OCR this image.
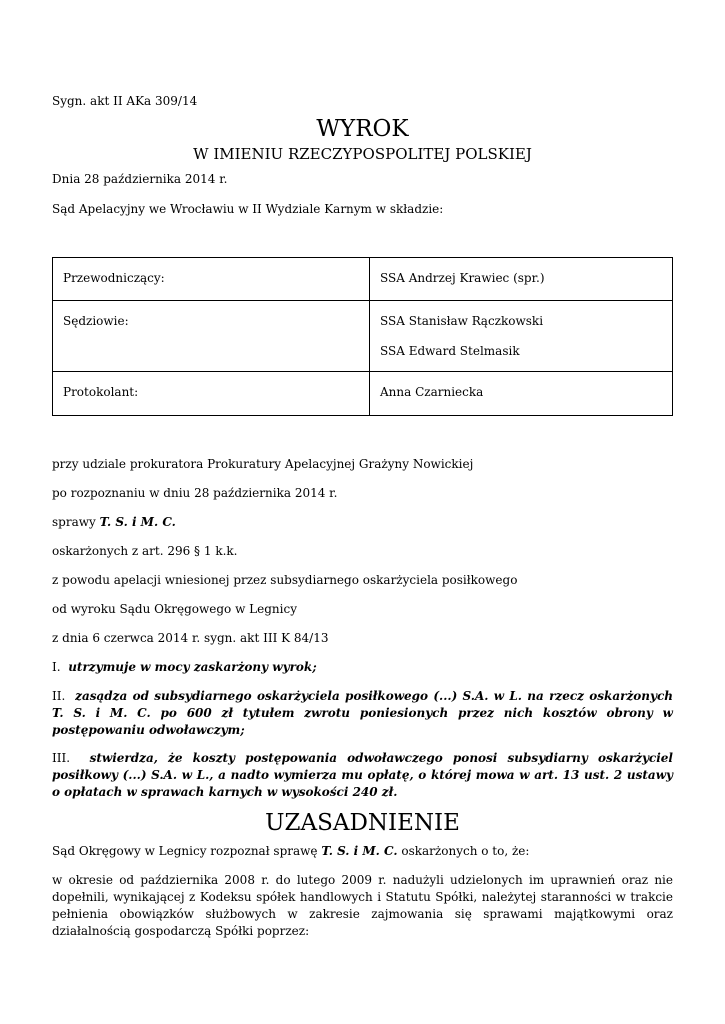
Sygn. akt II AKa 309/14
WYROK
W IMIENIU RZECZYPOSPOLITEJ POLSKIEJ
Dnia 28 października 2014 r.
Sąd Apelacyjny we Wrocławiu w II Wydziale Karnym w składzie:
Przewodniczący:	SSA Andrzej Krawiec (spr.)

Sędziowie:	SSA Stanisław Rączkowski
SSA Edward Stelmasik

Protokolant:	Anna Czarniecka
przy udziale prokuratora Prokuratury Apelacyjnej Grażyny Nowickiej
po rozpoznaniu w dniu 28 października 2014 r.
sprawy T. S. i M. C.
oskarżonych z art. 296 § 1 k.k.
z powodu apelacji wniesionej przez subsydiarnego oskarżyciela posiłkowego
od wyroku Sądu Okręgowego w Legnicy
z dnia 6 czerwca 2014 r. sygn. akt III K 84/13
I. utrzymuje w mocy zaskarżony wyrok;
II. zasądza od subsydiarnego oskarżyciela posiłkowego (...) S.A. w L. na rzecz oskarżonych T. S. i M. C. po 600 zł tytułem zwrotu poniesionych przez nich kosztów obrony w postępowaniu odwoławczym;
III. stwierdza, że koszty postępowania odwoławczego ponosi subsydiarny oskarżyciel posiłkowy (...) S.A. w L., a nadto wymierza mu opłatę, o której mowa w art. 13 ust. 2 ustawy o opłatach w sprawach karnych w wysokości 240 zł.
UZASADNIENIE
Sąd Okręgowy w Legnicy rozpoznał sprawę T. S. i M. C. oskarżonych o to, że:
w okresie od października 2008 r. do lutego 2009 r. nadużyli udzielonych im uprawnień oraz nie dopełnili, wynikającej z Kodeksu spółek handlowych i Statutu Spółki, należytej staranności w trakcie pełnienia obowiązków służbowych w zakresie zajmowania się sprawami majątkowymi oraz działalnością gospodarczą Spółki poprzez:
